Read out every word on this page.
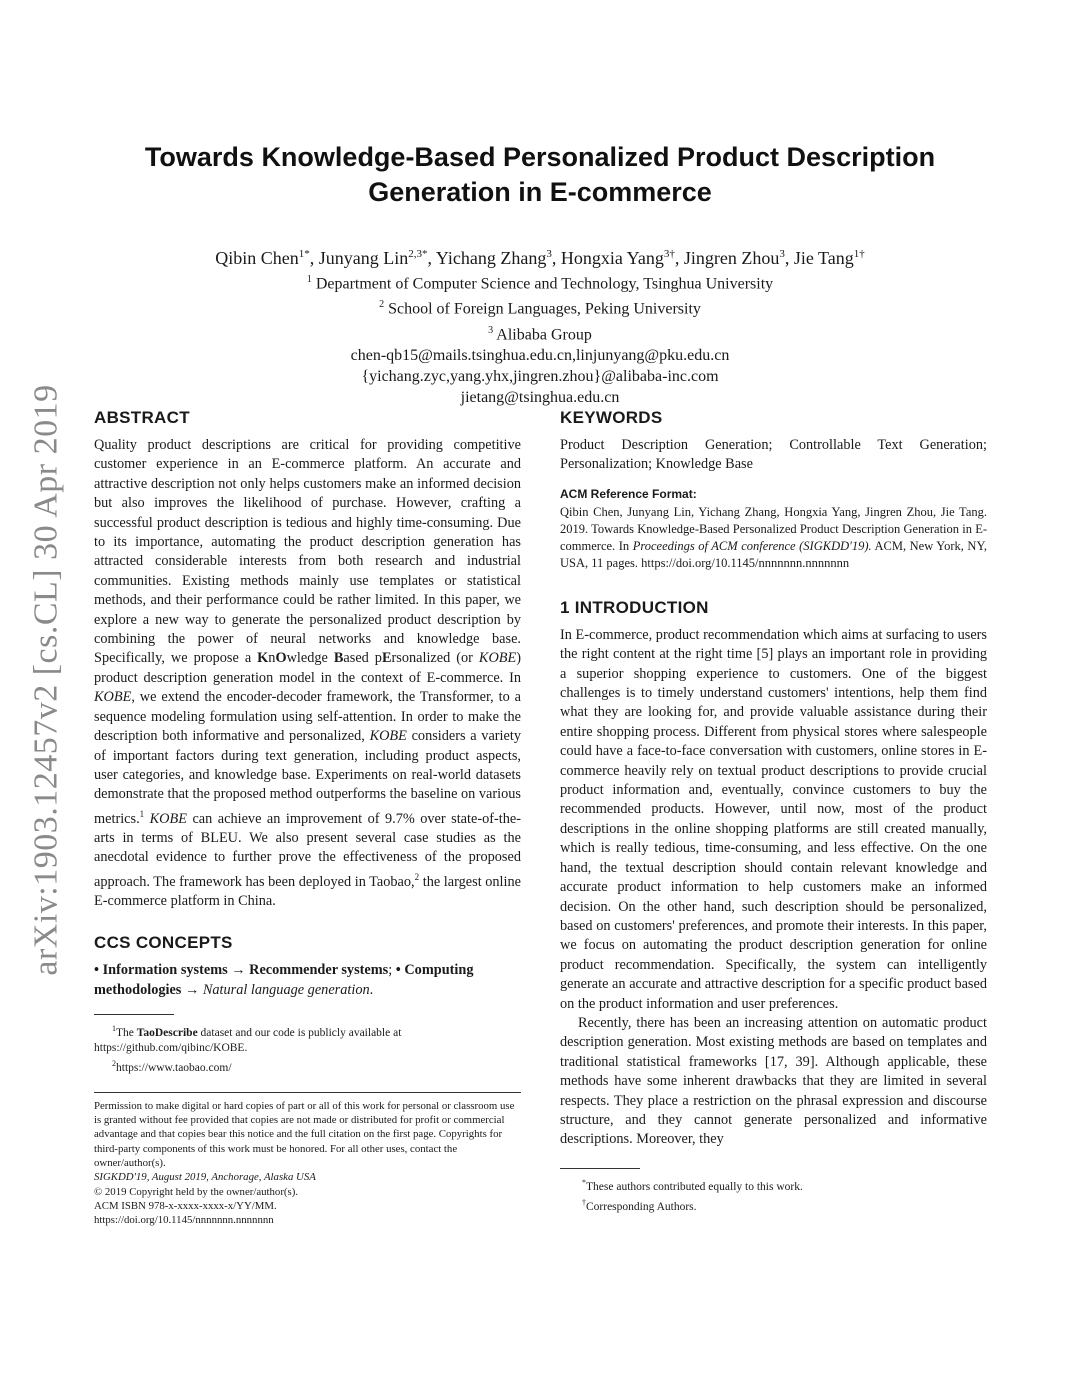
arXiv:1903.12457v2 [cs.CL] 30 Apr 2019
Towards Knowledge-Based Personalized Product Description
Generation in E-commerce
Qibin Chen$^{1*}$, Junyang Lin$^{2,3*}$, Yichang Zhang$^3$, Hongxia Yang$^{3\dagger}$, Jingren Zhou$^3$, Jie Tang$^{1\dagger}$
$^1$ Department of Computer Science and Technology, Tsinghua University
$^2$ School of Foreign Languages, Peking University
$^3$ Alibaba Group
chen-qb15@mails.tsinghua.edu.cn,linjunyang@pku.edu.cn
{yichang.zyc,yang.yhx,jingren.zhou}@alibaba-inc.com
jietang@tsinghua.edu.cn
ABSTRACT

Quality product descriptions are critical for providing competitive customer experience in an E-commerce platform. An accurate and attractive description not only helps customers make an informed decision but also improves the likelihood of purchase. However, crafting a successful product description is tedious and highly time-consuming. Due to its importance, automating the product description generation has attracted considerable interests from both research and industrial communities. Existing methods mainly use templates or statistical methods, and their performance could be rather limited. In this paper, we explore a new way to generate the personalized product description by combining the power of neural networks and knowledge base. Specifically, we propose a KnOwledge Based pErsonalized (or KOBE) product description generation model in the context of E-commerce. In KOBE, we extend the encoder-decoder framework, the Transformer, to a sequence modeling formulation using self-attention. In order to make the description both informative and personalized, KOBE considers a variety of important factors during text generation, including product aspects, user categories, and knowledge base. Experiments on real-world datasets demonstrate that the proposed method outperforms the baseline on various metrics.$^1$ KOBE can achieve an improvement of 9.7% over state-of-the-arts in terms of BLEU. We also present several case studies as the anecdotal evidence to further prove the effectiveness of the proposed approach. The framework has been deployed in Taobao,$^2$ the largest online E-commerce platform in China.

CCS CONCEPTS

• Information systems → Recommender systems; • Computing methodologies → Natural language generation.

$^1$The TaoDescribe dataset and our code is publicly available at https://github.com/qibinc/KOBE.

$^2$https://www.taobao.com/

Permission to make digital or hard copies of part or all of this work for personal or classroom use is granted without fee provided that copies are not made or distributed for profit or commercial advantage and that copies bear this notice and the full citation on the first page. Copyrights for third-party components of this work must be honored. For all other uses, contact the owner/author(s).

SIGKDD'19, August 2019, Anchorage, Alaska USA

© 2019 Copyright held by the owner/author(s).

ACM ISBN 978-x-xxxx-xxxx-x/YY/MM.

https://doi.org/10.1145/nnnnnnn.nnnnnnn

KEYWORDS

Product Description Generation; Controllable Text Generation; Personalization; Knowledge Base

ACM Reference Format:

Qibin Chen, Junyang Lin, Yichang Zhang, Hongxia Yang, Jingren Zhou, Jie Tang. 2019. Towards Knowledge-Based Personalized Product Description Generation in E-commerce. In Proceedings of ACM conference (SIGKDD'19). ACM, New York, NY, USA, 11 pages. https://doi.org/10.1145/nnnnnnn.nnnnnnn

1 INTRODUCTION

In E-commerce, product recommendation which aims at surfacing to users the right content at the right time [5] plays an important role in providing a superior shopping experience to customers. One of the biggest challenges is to timely understand customers' intentions, help them find what they are looking for, and provide valuable assistance during their entire shopping process. Different from physical stores where salespeople could have a face-to-face conversation with customers, online stores in E-commerce heavily rely on textual product descriptions to provide crucial product information and, eventually, convince customers to buy the recommended products. However, until now, most of the product descriptions in the online shopping platforms are still created manually, which is really tedious, time-consuming, and less effective. On the one hand, the textual description should contain relevant knowledge and accurate product information to help customers make an informed decision. On the other hand, such description should be personalized, based on customers' preferences, and promote their interests. In this paper, we focus on automating the product description generation for online product recommendation. Specifically, the system can intelligently generate an accurate and attractive description for a specific product based on the product information and user preferences.

Recently, there has been an increasing attention on automatic product description generation. Most existing methods are based on templates and traditional statistical frameworks [17, 39]. Although applicable, these methods have some inherent drawbacks that they are limited in several respects. They place a restriction on the phrasal expression and discourse structure, and they cannot generate personalized and informative descriptions. Moreover, they

*These authors contributed equally to this work.

†Corresponding Authors.
